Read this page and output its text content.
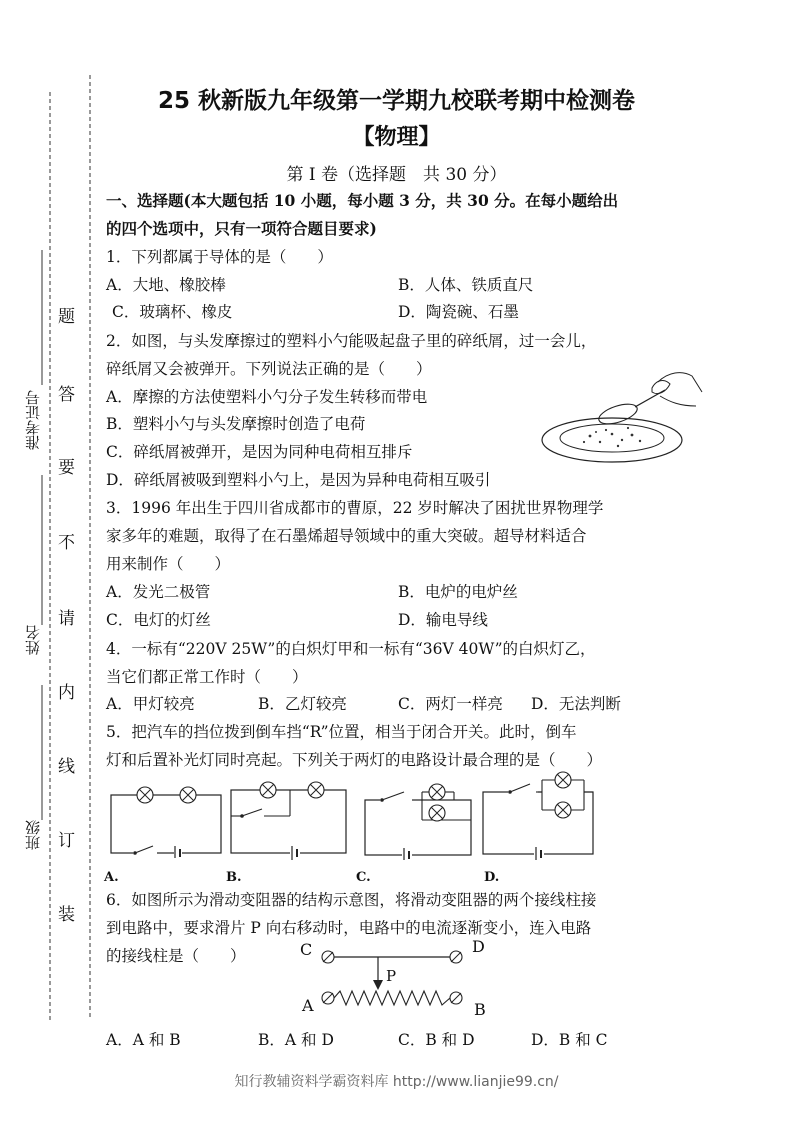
准考证号
姓名
班级
题
答
要
不
请
内
线
订
装
25 秋新版九年级第一学期九校联考期中检测卷
【物理】
第 I 卷（选择题　共 30 分）
一、选择题(本大题包括 10 小题，每小题 3 分，共 30 分。在每小题给出
的四个选项中，只有一项符合题目要求)
1．下列都属于导体的是（　　）
A．大地、橡胶棒	B．人体、铁质直尺
C．玻璃杯、橡皮	D．陶瓷碗、石墨
2．如图，与头发摩擦过的塑料小勺能吸起盘子里的碎纸屑，过一会儿，
碎纸屑又会被弹开。下列说法正确的是（　　）
A．摩擦的方法使塑料小勺分子发生转移而带电
B．塑料小勺与头发摩擦时创造了电荷
C．碎纸屑被弹开，是因为同种电荷相互排斥
D．碎纸屑被吸到塑料小勺上，是因为异种电荷相互吸引
3．1996 年出生于四川省成都市的曹原，22 岁时解决了困扰世界物理学
家多年的难题，取得了在石墨烯超导领域中的重大突破。超导材料适合
用来制作（　　）
A．发光二极管	B．电炉的电炉丝
C．电灯的灯丝	D．输电导线
4．一标有“220V 25W”的白炽灯甲和一标有“36V 40W”的白炽灯乙，
当它们都正常工作时（　　）
A．甲灯较亮	B．乙灯较亮	C．两灯一样亮 D．无法判断
5．把汽车的挡位拨到倒车挡“R”位置，相当于闭合开关。此时，倒车
灯和后置补光灯同时亮起。下列关于两灯的电路设计最合理的是（　　）
A.	B.	C.	D.
6．如图所示为滑动变阻器的结构示意图，将滑动变阻器的两个接线柱接
到电路中，要求滑片 P 向右移动时，电路中的电流逐渐变小，连入电路
的接线柱是（　　）	C	D
P
A	B
A．A 和 B	B．A 和 D	C．B 和 D	D．B 和 C
知行教辅资料学霸资料库 http://www.lianjie99.cn/
